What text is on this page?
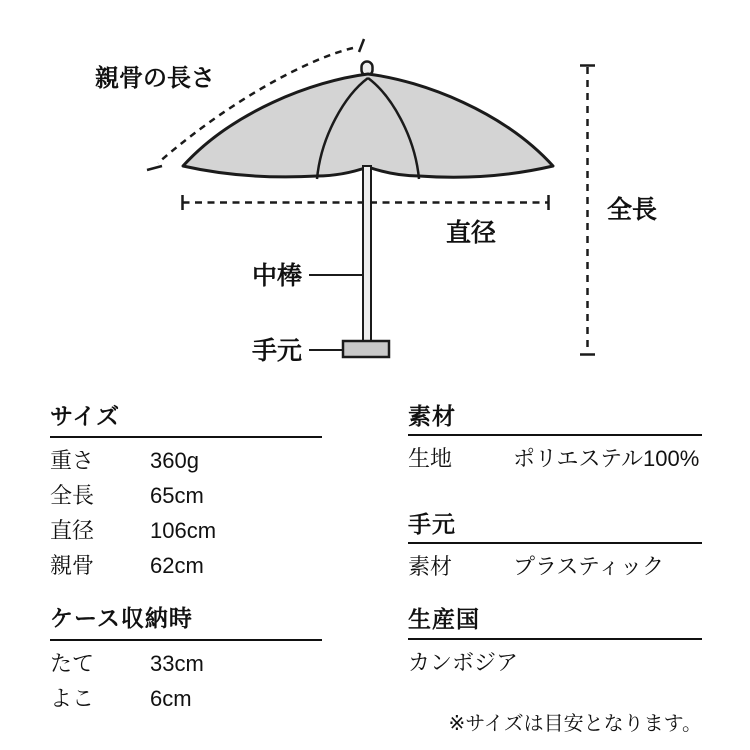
親骨の長さ
直径
全長
中棒
手元
サイズ
重さ	360g
全長	65cm
直径	106cm
親骨	62cm
ケース収納時
たて	33cm
よこ	6cm
素材
生地	ポリエステル100%
手元
素材	プラスティック
生産国
カンボジア
※サイズは目安となります。
